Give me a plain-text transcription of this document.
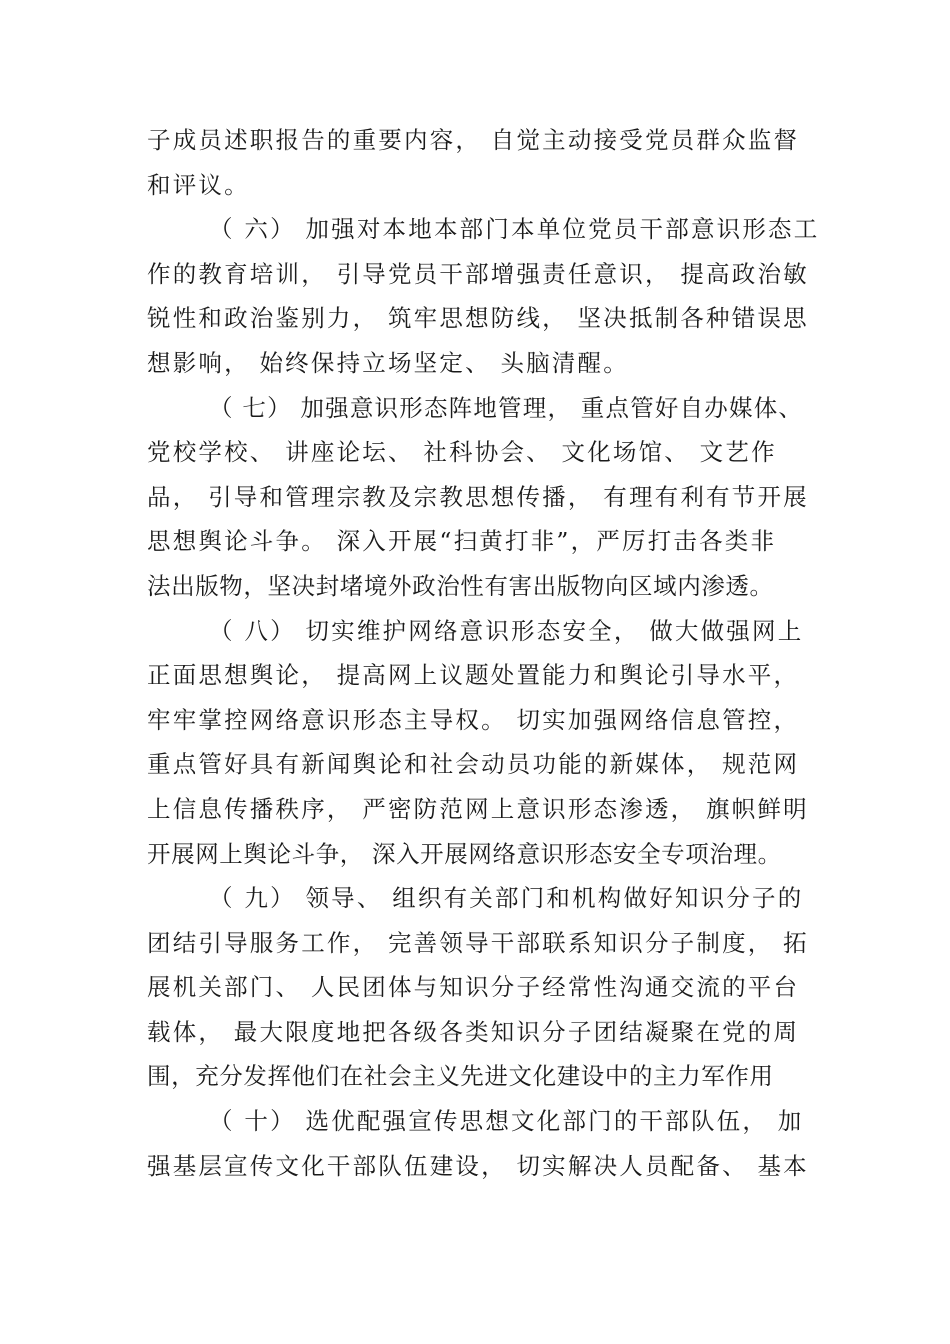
子成员述职报告的重要内容， 自觉主动接受党员群众监督
和评议。
（ 六） 加强对本地本部门本单位党员干部意识形态工
作的教育培训， 引导党员干部增强责任意识， 提高政治敏
锐性和政治鉴别力， 筑牢思想防线， 坚决抵制各种错误思
想影响， 始终保持立场坚定、 头脑清醒。
（ 七） 加强意识形态阵地管理， 重点管好自办媒体、
党校学校、 讲座论坛、 社科协会、 文化场馆、 文艺作
品， 引导和管理宗教及宗教思想传播， 有理有利有节开展
思想舆论斗争。 深入开展“扫黄打非”，严厉打击各类非
法出版物，坚决封堵境外政治性有害出版物向区域内渗透。
（ 八） 切实维护网络意识形态安全， 做大做强网上
正面思想舆论， 提高网上议题处置能力和舆论引导水平，
牢牢掌控网络意识形态主导权。 切实加强网络信息管控，
重点管好具有新闻舆论和社会动员功能的新媒体， 规范网
上信息传播秩序， 严密防范网上意识形态渗透， 旗帜鲜明
开展网上舆论斗争， 深入开展网络意识形态安全专项治理。
（ 九） 领导、 组织有关部门和机构做好知识分子的
团结引导服务工作， 完善领导干部联系知识分子制度， 拓
展机关部门、 人民团体与知识分子经常性沟通交流的平台
载体， 最大限度地把各级各类知识分子团结凝聚在党的周
围，充分发挥他们在社会主义先进文化建设中的主力军作用
（ 十） 选优配强宣传思想文化部门的干部队伍， 加
强基层宣传文化干部队伍建设， 切实解决人员配备、 基本
